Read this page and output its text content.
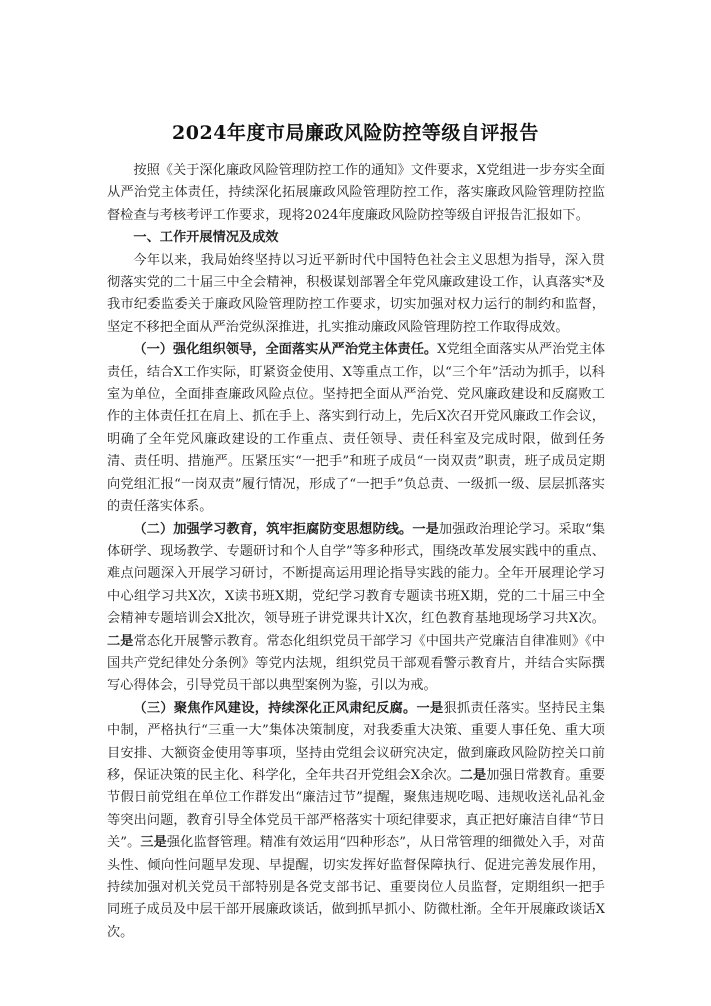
2024年度市局廉政风险防控等级自评报告

按照《关于深化廉政风险管理防控工作的通知》文件要求，X党组进一步夯实全面从严治党主体责任，持续深化拓展廉政风险管理防控工作，落实廉政风险管理防控监督检查与考核考评工作要求，现将2024年度廉政风险防控等级自评报告汇报如下。

一、工作开展情况及成效

今年以来，我局始终坚持以习近平新时代中国特色社会主义思想为指导，深入贯彻落实党的二十届三中全会精神，积极谋划部署全年党风廉政建设工作，认真落实*及我市纪委监委关于廉政风险管理防控工作要求，切实加强对权力运行的制约和监督，坚定不移把全面从严治党纵深推进，扎实推动廉政风险管理防控工作取得成效。

（一）强化组织领导，全面落实从严治党主体责任。X党组全面落实从严治党主体责任，结合X工作实际，盯紧资金使用、X等重点工作，以“三个年”活动为抓手，以科室为单位，全面排查廉政风险点位。坚持把全面从严治党、党风廉政建设和反腐败工作的主体责任扛在肩上、抓在手上、落实到行动上，先后X次召开党风廉政工作会议，明确了全年党风廉政建设的工作重点、责任领导、责任科室及完成时限，做到任务清、责任明、措施严。压紧压实“一把手”和班子成员“一岗双责”职责，班子成员定期向党组汇报“一岗双责”履行情况，形成了“一把手”负总责、一级抓一级、层层抓落实的责任落实体系。

（二）加强学习教育，筑牢拒腐防变思想防线。一是加强政治理论学习。采取“集体研学、现场教学、专题研讨和个人自学”等多种形式，围绕改革发展实践中的重点、难点问题深入开展学习研讨，不断提高运用理论指导实践的能力。全年开展理论学习中心组学习共X次，X读书班X期，党纪学习教育专题读书班X期，党的二十届三中全会精神专题培训会X批次，领导班子讲党课共计X次，红色教育基地现场学习共X次。二是常态化开展警示教育。常态化组织党员干部学习《中国共产党廉洁自律准则》《中国共产党纪律处分条例》等党内法规，组织党员干部观看警示教育片，并结合实际撰写心得体会，引导党员干部以典型案例为鉴，引以为戒。

（三）聚焦作风建设，持续深化正风肃纪反腐。一是狠抓责任落实。坚持民主集中制，严格执行“三重一大”集体决策制度，对我委重大决策、重要人事任免、重大项目安排、大额资金使用等事项，坚持由党组会议研究决定，做到廉政风险防控关口前移，保证决策的民主化、科学化，全年共召开党组会X余次。二是加强日常教育。重要节假日前党组在单位工作群发出“廉洁过节”提醒，聚焦违规吃喝、违规收送礼品礼金等突出问题，教育引导全体党员干部严格落实十项纪律要求，真正把好廉洁自律“节日关”。三是强化监督管理。精准有效运用“四种形态”，从日常管理的细微处入手，对苗头性、倾向性问题早发现、早提醒，切实发挥好监督保障执行、促进完善发展作用，持续加强对机关党员干部特别是各党支部书记、重要岗位人员监督，定期组织一把手同班子成员及中层干部开展廉政谈话，做到抓早抓小、防微杜渐。全年开展廉政谈话X次。
